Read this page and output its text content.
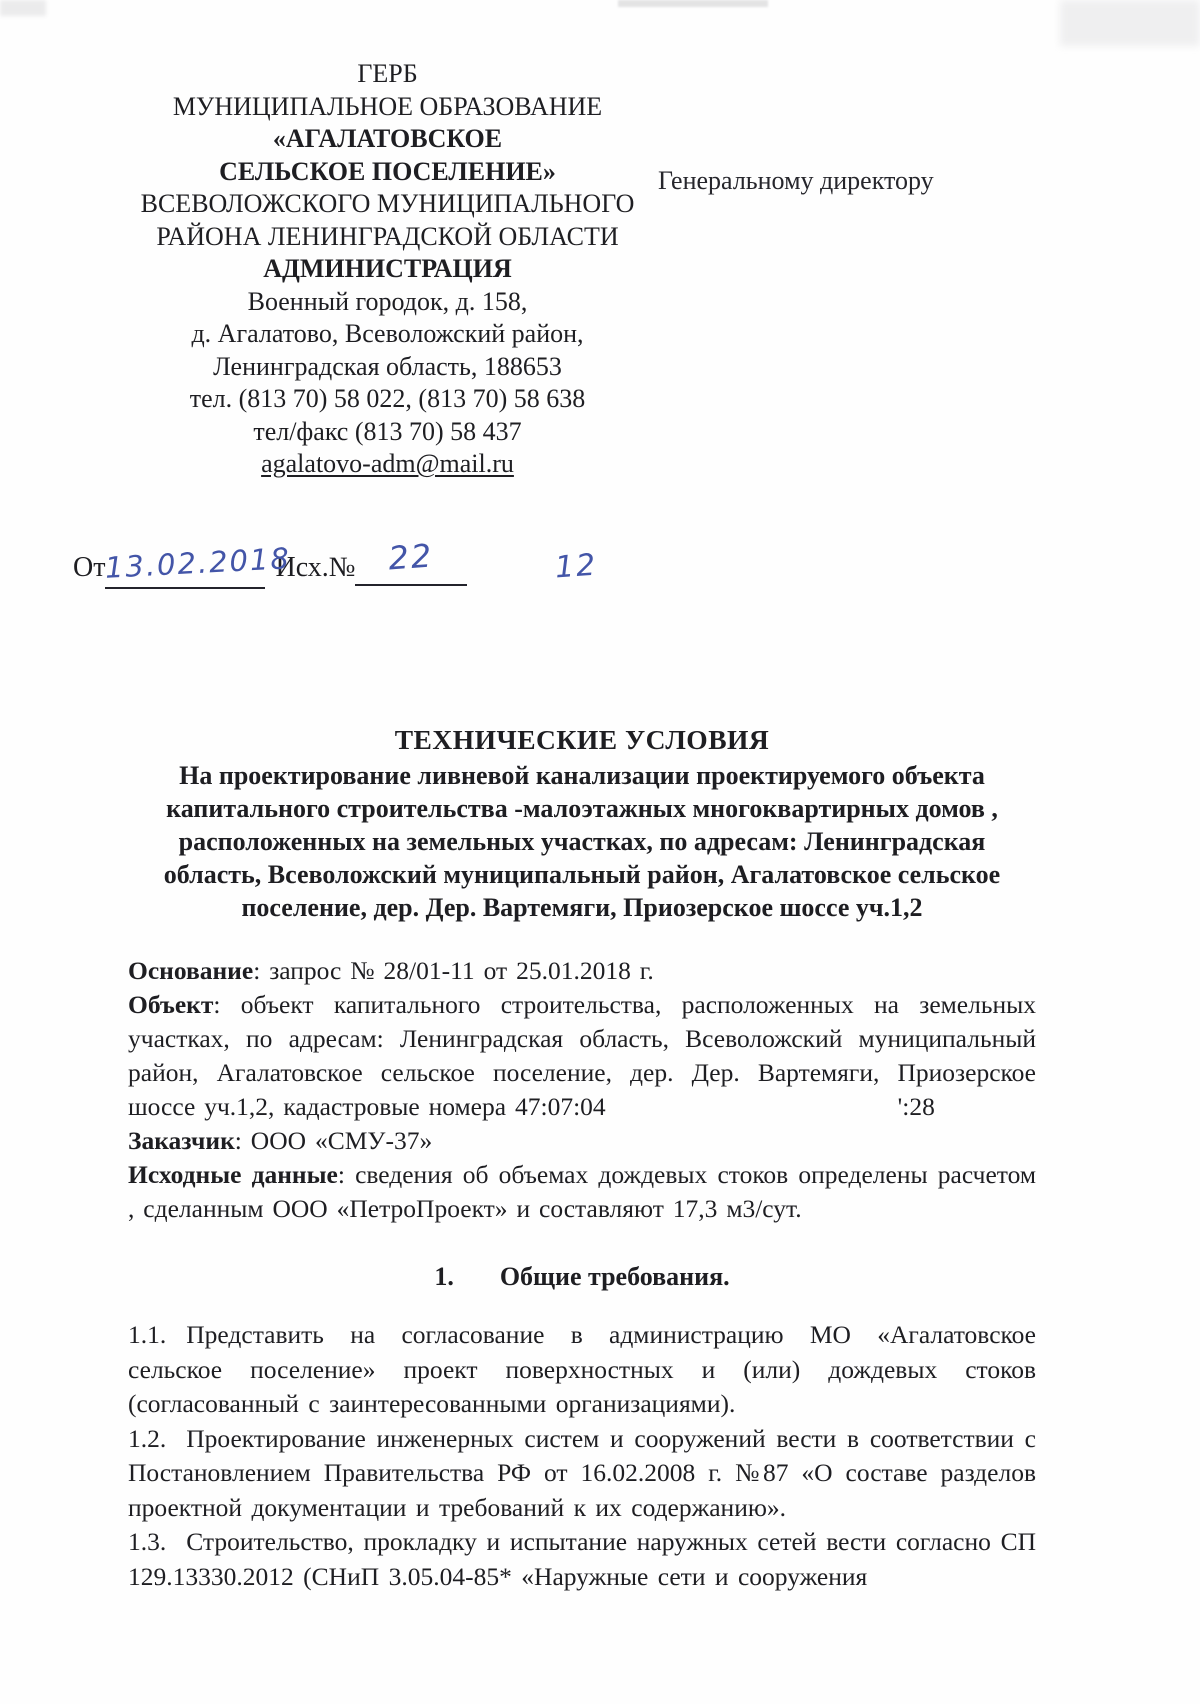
ГЕРБ
МУНИЦИПАЛЬНОЕ ОБРАЗОВАНИЕ
«АГАЛАТОВСКОЕ
СЕЛЬСКОЕ ПОСЕЛЕНИЕ»
ВСЕВОЛОЖСКОГО МУНИЦИПАЛЬНОГО
РАЙОНА ЛЕНИНГРАДСКОЙ ОБЛАСТИ
АДМИНИСТРАЦИЯ
Военный городок, д. 158,
д. Агалатово, Всеволожский район,
Ленинградская область, 188653
тел. (813 70) 58 022, (813 70) 58 638
тел/факс (813 70) 58 437
agalatovo-adm@mail.ru
Генеральному директору
От13.02.2018Исх.№ 22	12

ТЕХНИЧЕСКИЕ УСЛОВИЯ

На проектирование ливневой канализации проектируемого объекта капитального строительства -малоэтажных многоквартирных домов , расположенных на земельных участках, по адресам: Ленинградская область, Всеволожский муниципальный район, Агалатовское сельское поселение, дер. Дер. Вартемяги, Приозерское шоссе уч.1,2

Основание: запрос № 28/01-11 от 25.01.2018 г.

Объект: объект капитального строительства, расположенных на земельных участках, по адресам: Ленинградская область, Всеволожский муниципальный район, Агалатовское сельское поселение, дер. Дер. Вартемяги, Приозерское шоссе уч.1,2, кадастровые номера 47:07:04	':28

Заказчик: ООО «СМУ-37»

Исходные данные: сведения об объемах дождевых стоков определены расчетом , сделанным ООО «ПетроПроект» и составляют 17,3 м3/сут.

1. Общие требования.

1.1. Представить на согласование в администрацию МО «Агалатовское сельское поселение» проект поверхностных и (или) дождевых стоков (согласованный с заинтересованными организациями).

1.2. Проектирование инженерных систем и сооружений вести в соответствии с Постановлением Правительства РФ от 16.02.2008 г. №87 «О составе разделов проектной документации и требований к их содержанию».

1.3. Строительство, прокладку и испытание наружных сетей вести согласно СП 129.13330.2012 (СНиП 3.05.04-85* «Наружные сети и сооружения
